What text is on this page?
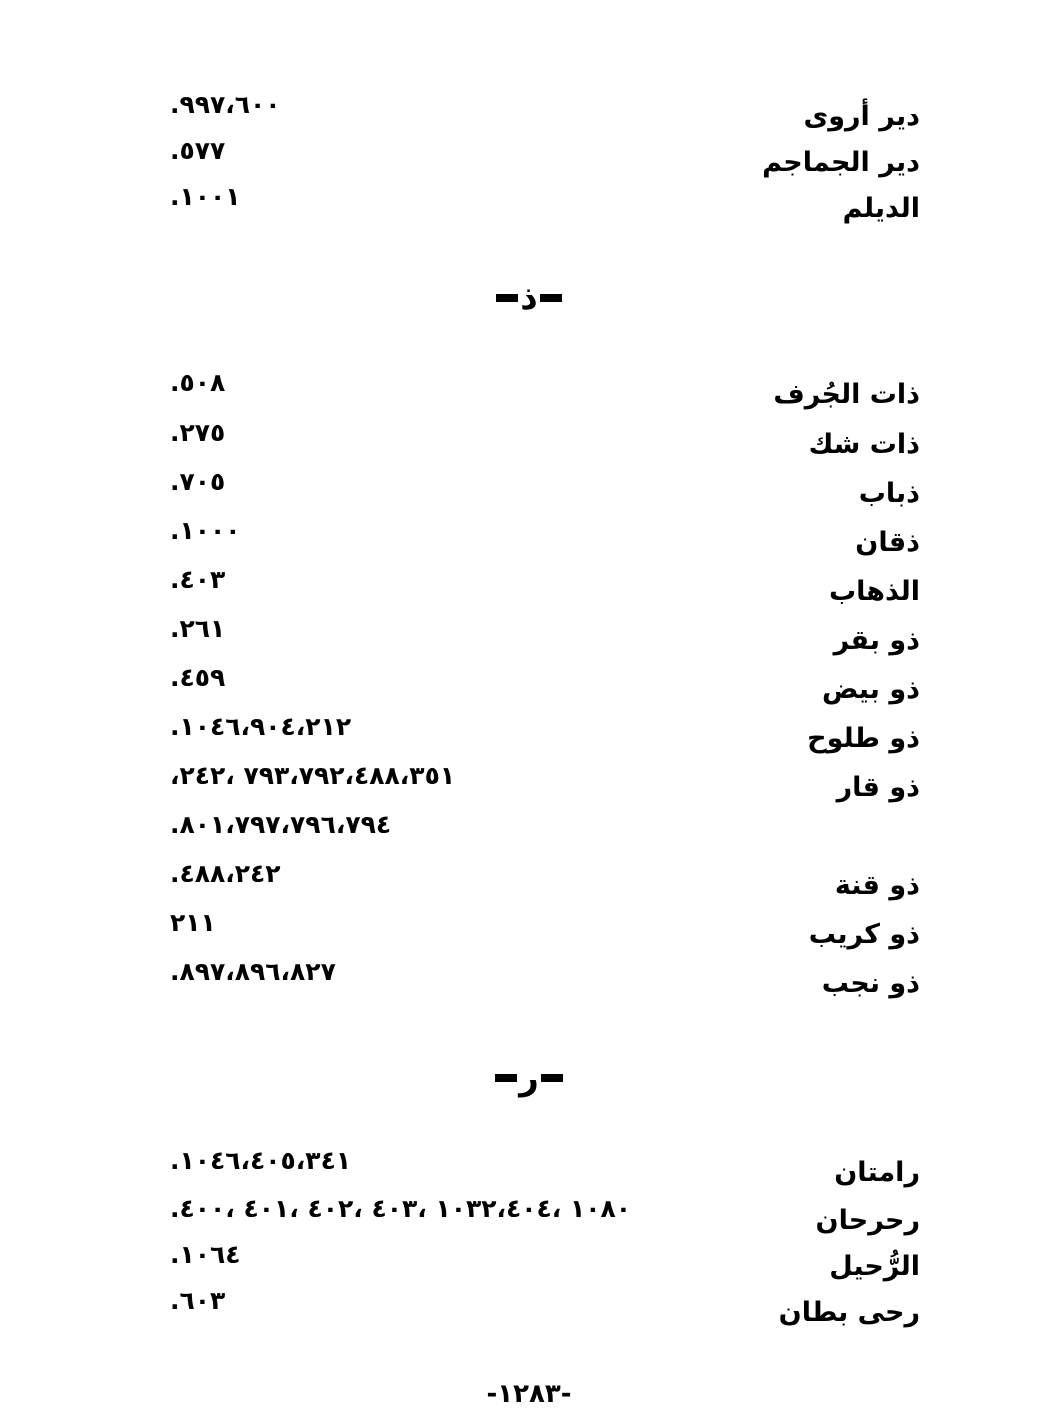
.٩٩٧،٦٠٠	دير أروى
.٥٧٧	دير الجماجم
.١٠٠١	الديلم
ذ
.٥٠٨	ذات الجُرف
.٢٧٥	ذات شك
.٧٠٥	ذباب
.١٠٠٠	ذقان
.٤٠٣	الذهاب
.٢٦١	ذو بقر
.٤٥٩	ذو بيض
.١٠٤٦،٩٠٤،٢١٢	ذو طلوح
،٧٩٣،٧٩٢،٤٨٨،٣٥١ ،٢٤٢	ذو قار
.٨٠١،٧٩٧،٧٩٦،٧٩٤
.٤٨٨،٢٤٢	ذو قنة
٢١١	ذو كريب
.٨٩٧،٨٩٦،٨٢٧	ذو نجب
ر
.١٠٤٦،٤٠٥،٣٤١	رامتان
.١٠٨٠ ،١٠٣٢،٤٠٤ ،٤٠٣ ،٤٠٢ ،٤٠١ ،٤٠٠	رحرحان
.١٠٦٤	الرُّحيل
.٦٠٣	رحى بطان
-١٢٨٣-
